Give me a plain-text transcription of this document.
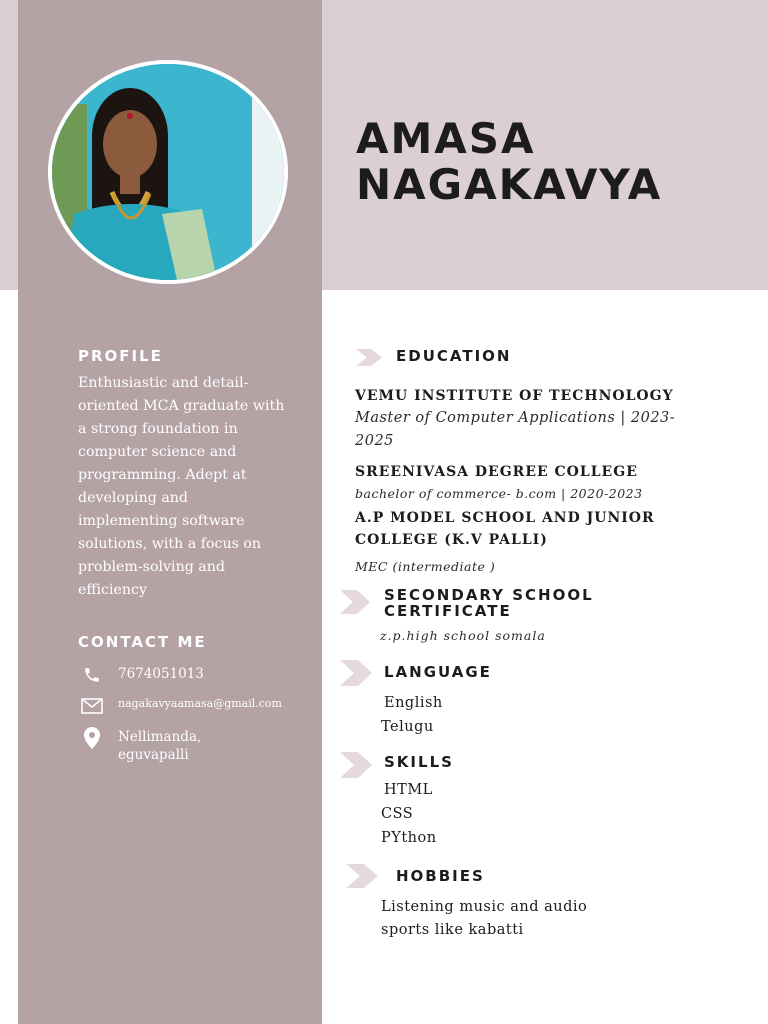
AMASA
NAGAKAVYA
PROFILE
Enthusiastic and detail-oriented MCA graduate with a strong foundation in computer science and programming. Adept at developing and implementing software solutions, with a focus on problem-solving and efficiency
CONTACT ME
7674051013
nagakavyaamasa@gmail.com
Nellimanda,
eguvapalli
EDUCATION
VEMU INSTITUTE OF TECHNOLOGY
Master of Computer Applications | 2023-2025
SREENIVASA DEGREE COLLEGE
bachelor of commerce- b.com | 2020-2023
A.P MODEL SCHOOL AND JUNIOR COLLEGE (K.V PALLI)
MEC (intermediate )
SECONDARY SCHOOL
CERTIFICATE
z.p.high school somala
LANGUAGE
English
Telugu
SKILLS
HTML
CSS
PYthon
HOBBIES
Listening music and audio
sports like kabatti
